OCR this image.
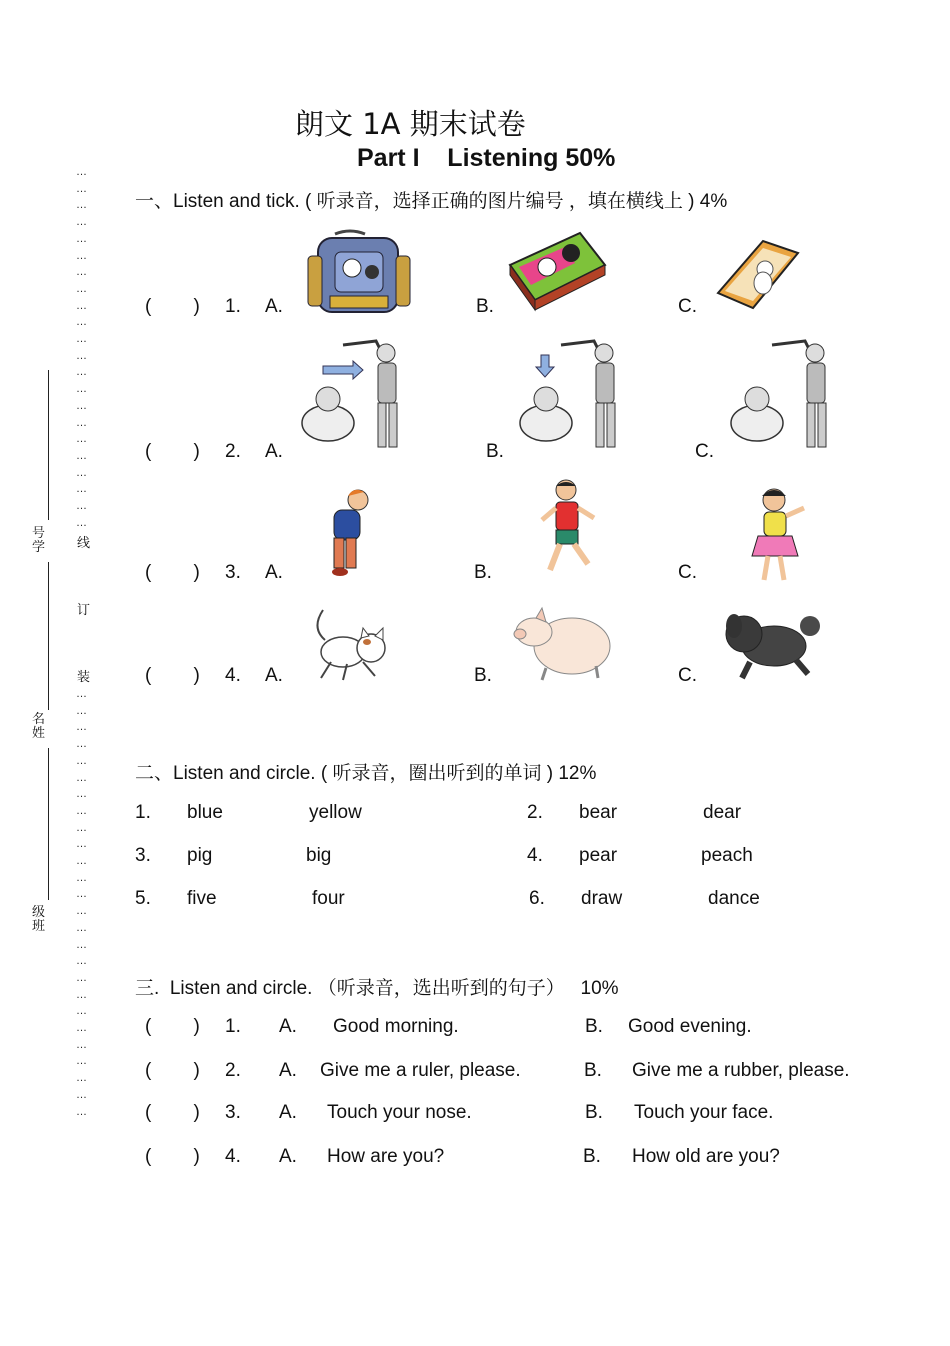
…
…
…
…
…
…
…
…
…
…
…
…
…
…
…
…
…
…
…
…
…
…
线
订
装
…
…
…
…
…
…
…
…
…
…
…
…
…
…
…
…
…
…
…
…
…
…
…
…
…
…
号学
名姓
级班
朗文 1A 期末试卷
Part I    Listening 50%
一、Listen and tick. ( 听录音，选择正确的图片编号 ，填在横线上 ) 4%
(        ) 1. A.	B.	C.
(        ) 2. A.	B.	C.
(        ) 3. A.	B.	C.
(        ) 4. A.	B.	C.
二、Listen and circle. ( 听录音，圈出听到的单词 ) 12%
1. blue	yellow	2. bear	dear
3. pig	big	4. pear	peach
5. five	four	6. draw	dance
三.  Listen and circle. （听录音，选出听到的句子）   10%
(        ) 1. A. Good morning.	B. Good evening.
(        ) 2. A. Give me a ruler, please.	B. Give me a rubber, please.
(        ) 3. A. Touch your nose.	B. Touch your face.
(        ) 4. A. How are you?	B. How old are you?
